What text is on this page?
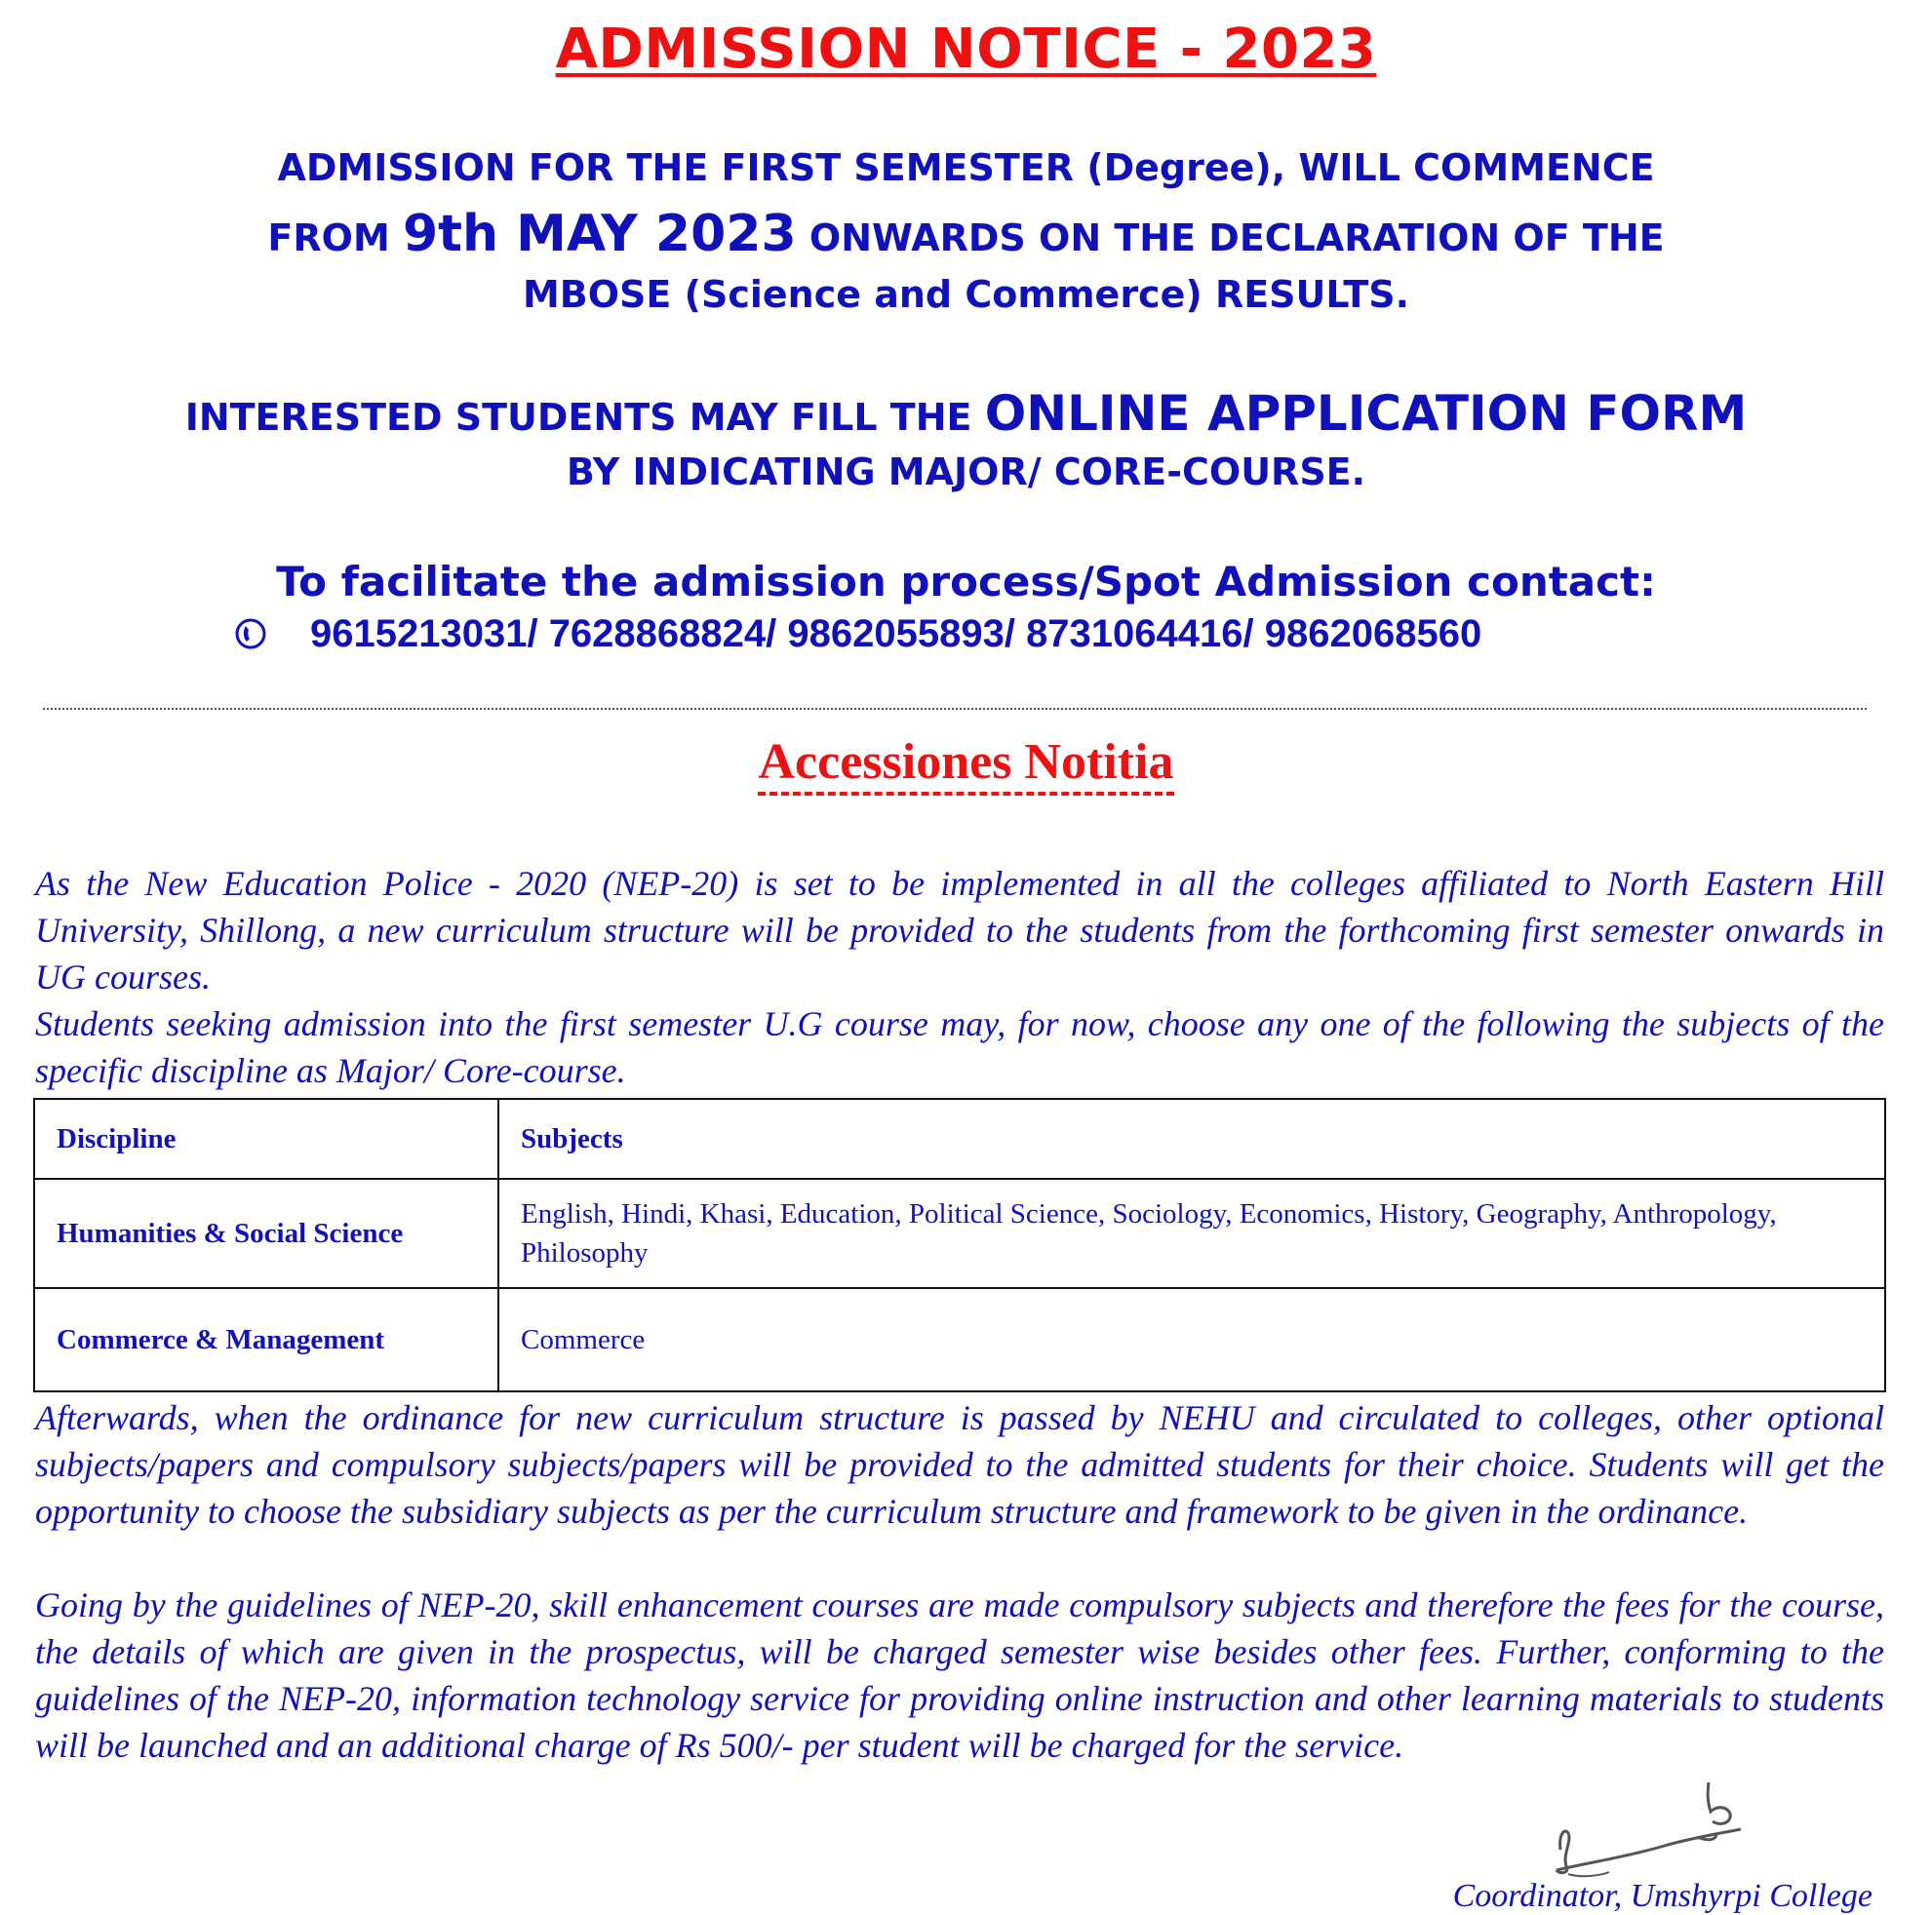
ADMISSION NOTICE - 2023
ADMISSION FOR THE FIRST SEMESTER (Degree), WILL COMMENCE
FROM 9th MAY 2023 ONWARDS ON THE DECLARATION OF THE
MBOSE (Science and Commerce) RESULTS.
INTERESTED STUDENTS MAY FILL THE ONLINE APPLICATION FORM
BY INDICATING MAJOR/ CORE-COURSE.
To facilitate the admission process/Spot Admission contact:
9615213031/ 7628868824/ 9862055893/ 8731064416/ 9862068560
Accessiones Notitia

As the New Education Police - 2020 (NEP-20) is set to be implemented in all the colleges affiliated to North Eastern Hill University, Shillong, a new curriculum structure will be provided to the students from the forthcoming first semester onwards in UG courses.

Students seeking admission into the first semester U.G course may, for now, choose any one of the following the subjects of the specific discipline as Major/ Core-course.

Discipline	Subjects
Humanities & Social Science	English, Hindi, Khasi, Education, Political Science, Sociology, Economics, History, Geography, Anthropology, Philosophy
Commerce & Management	Commerce

Afterwards, when the ordinance for new curriculum structure is passed by NEHU and circulated to colleges, other optional subjects/papers and compulsory subjects/papers will be provided to the admitted students for their choice. Students will get the opportunity to choose the subsidiary subjects as per the curriculum structure and framework to be given in the ordinance.

Going by the guidelines of NEP-20, skill enhancement courses are made compulsory subjects and therefore the fees for the course, the details of which are given in the prospectus, will be charged semester wise besides other fees. Further, conforming to the guidelines of the NEP-20, information technology service for providing online instruction and other learning materials to students will be launched and an additional charge of Rs 500/- per student will be charged for the service.

Coordinator, Umshyrpi College
